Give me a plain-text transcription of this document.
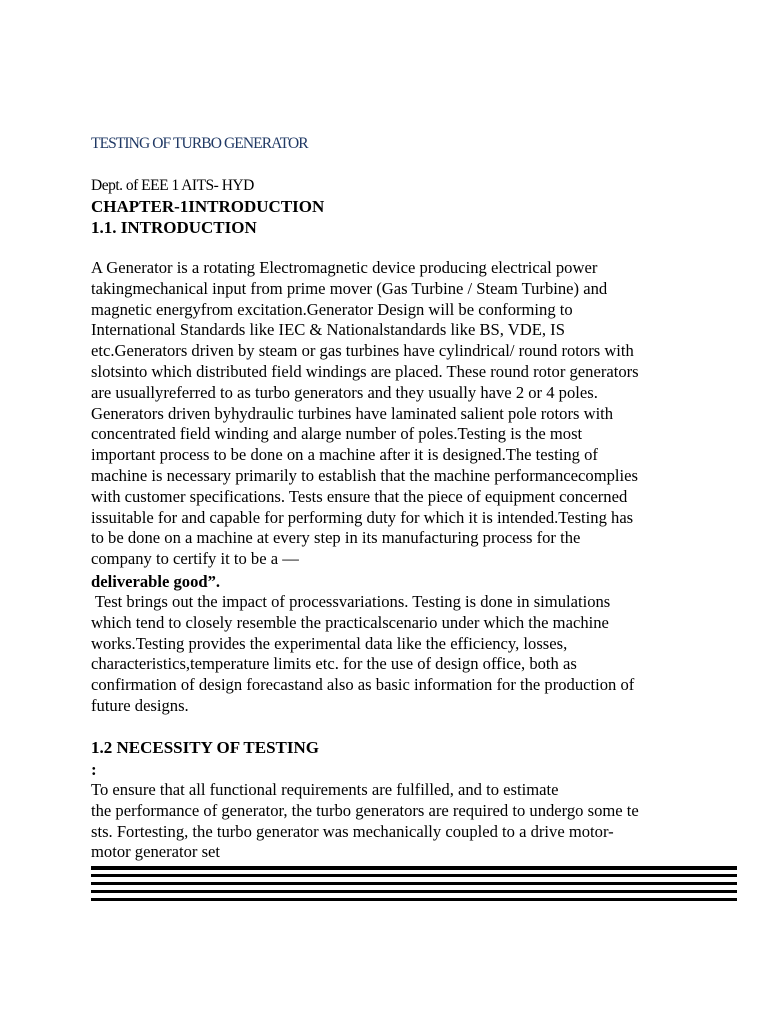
TESTING OF TURBO GENERATOR
Dept. of EEE 1 AITS- HYD
CHAPTER-1INTRODUCTION
1.1. INTRODUCTION
A Generator is a rotating Electromagnetic device producing electrical power
takingmechanical input from prime mover (Gas Turbine / Steam Turbine) and
magnetic energyfrom excitation.Generator Design will be conforming to
International Standards like IEC & Nationalstandards like BS, VDE, IS
etc.Generators driven by steam or gas turbines have cylindrical/ round rotors with
slotsinto which distributed field windings are placed. These round rotor generators
are usuallyreferred to as turbo generators and they usually have 2 or 4 poles.
Generators driven byhydraulic turbines have laminated salient pole rotors with
concentrated field winding and alarge number of poles.Testing is the most
important process to be done on a machine after it is designed.The testing of
machine is necessary primarily to establish that the machine performancecomplies
with customer specifications. Tests ensure that the piece of equipment concerned
issuitable for and capable for performing duty for which it is intended.Testing has
to be done on a machine at every step in its manufacturing process for the
company to certify it to be a —
deliverable good”.
Test brings out the impact of processvariations. Testing is done in simulations
which tend to closely resemble the practicalscenario under which the machine
works.Testing provides the experimental data like the efficiency, losses,
characteristics,temperature limits etc. for the use of design office, both as
confirmation of design forecastand also as basic information for the production of
future designs.
1.2 NECESSITY OF TESTING
:
To ensure that all functional requirements are fulfilled, and to estimate
the performance of generator, the turbo generators are required to undergo some te
sts. Fortesting, the turbo generator was mechanically coupled to a drive motor-
motor generator set
